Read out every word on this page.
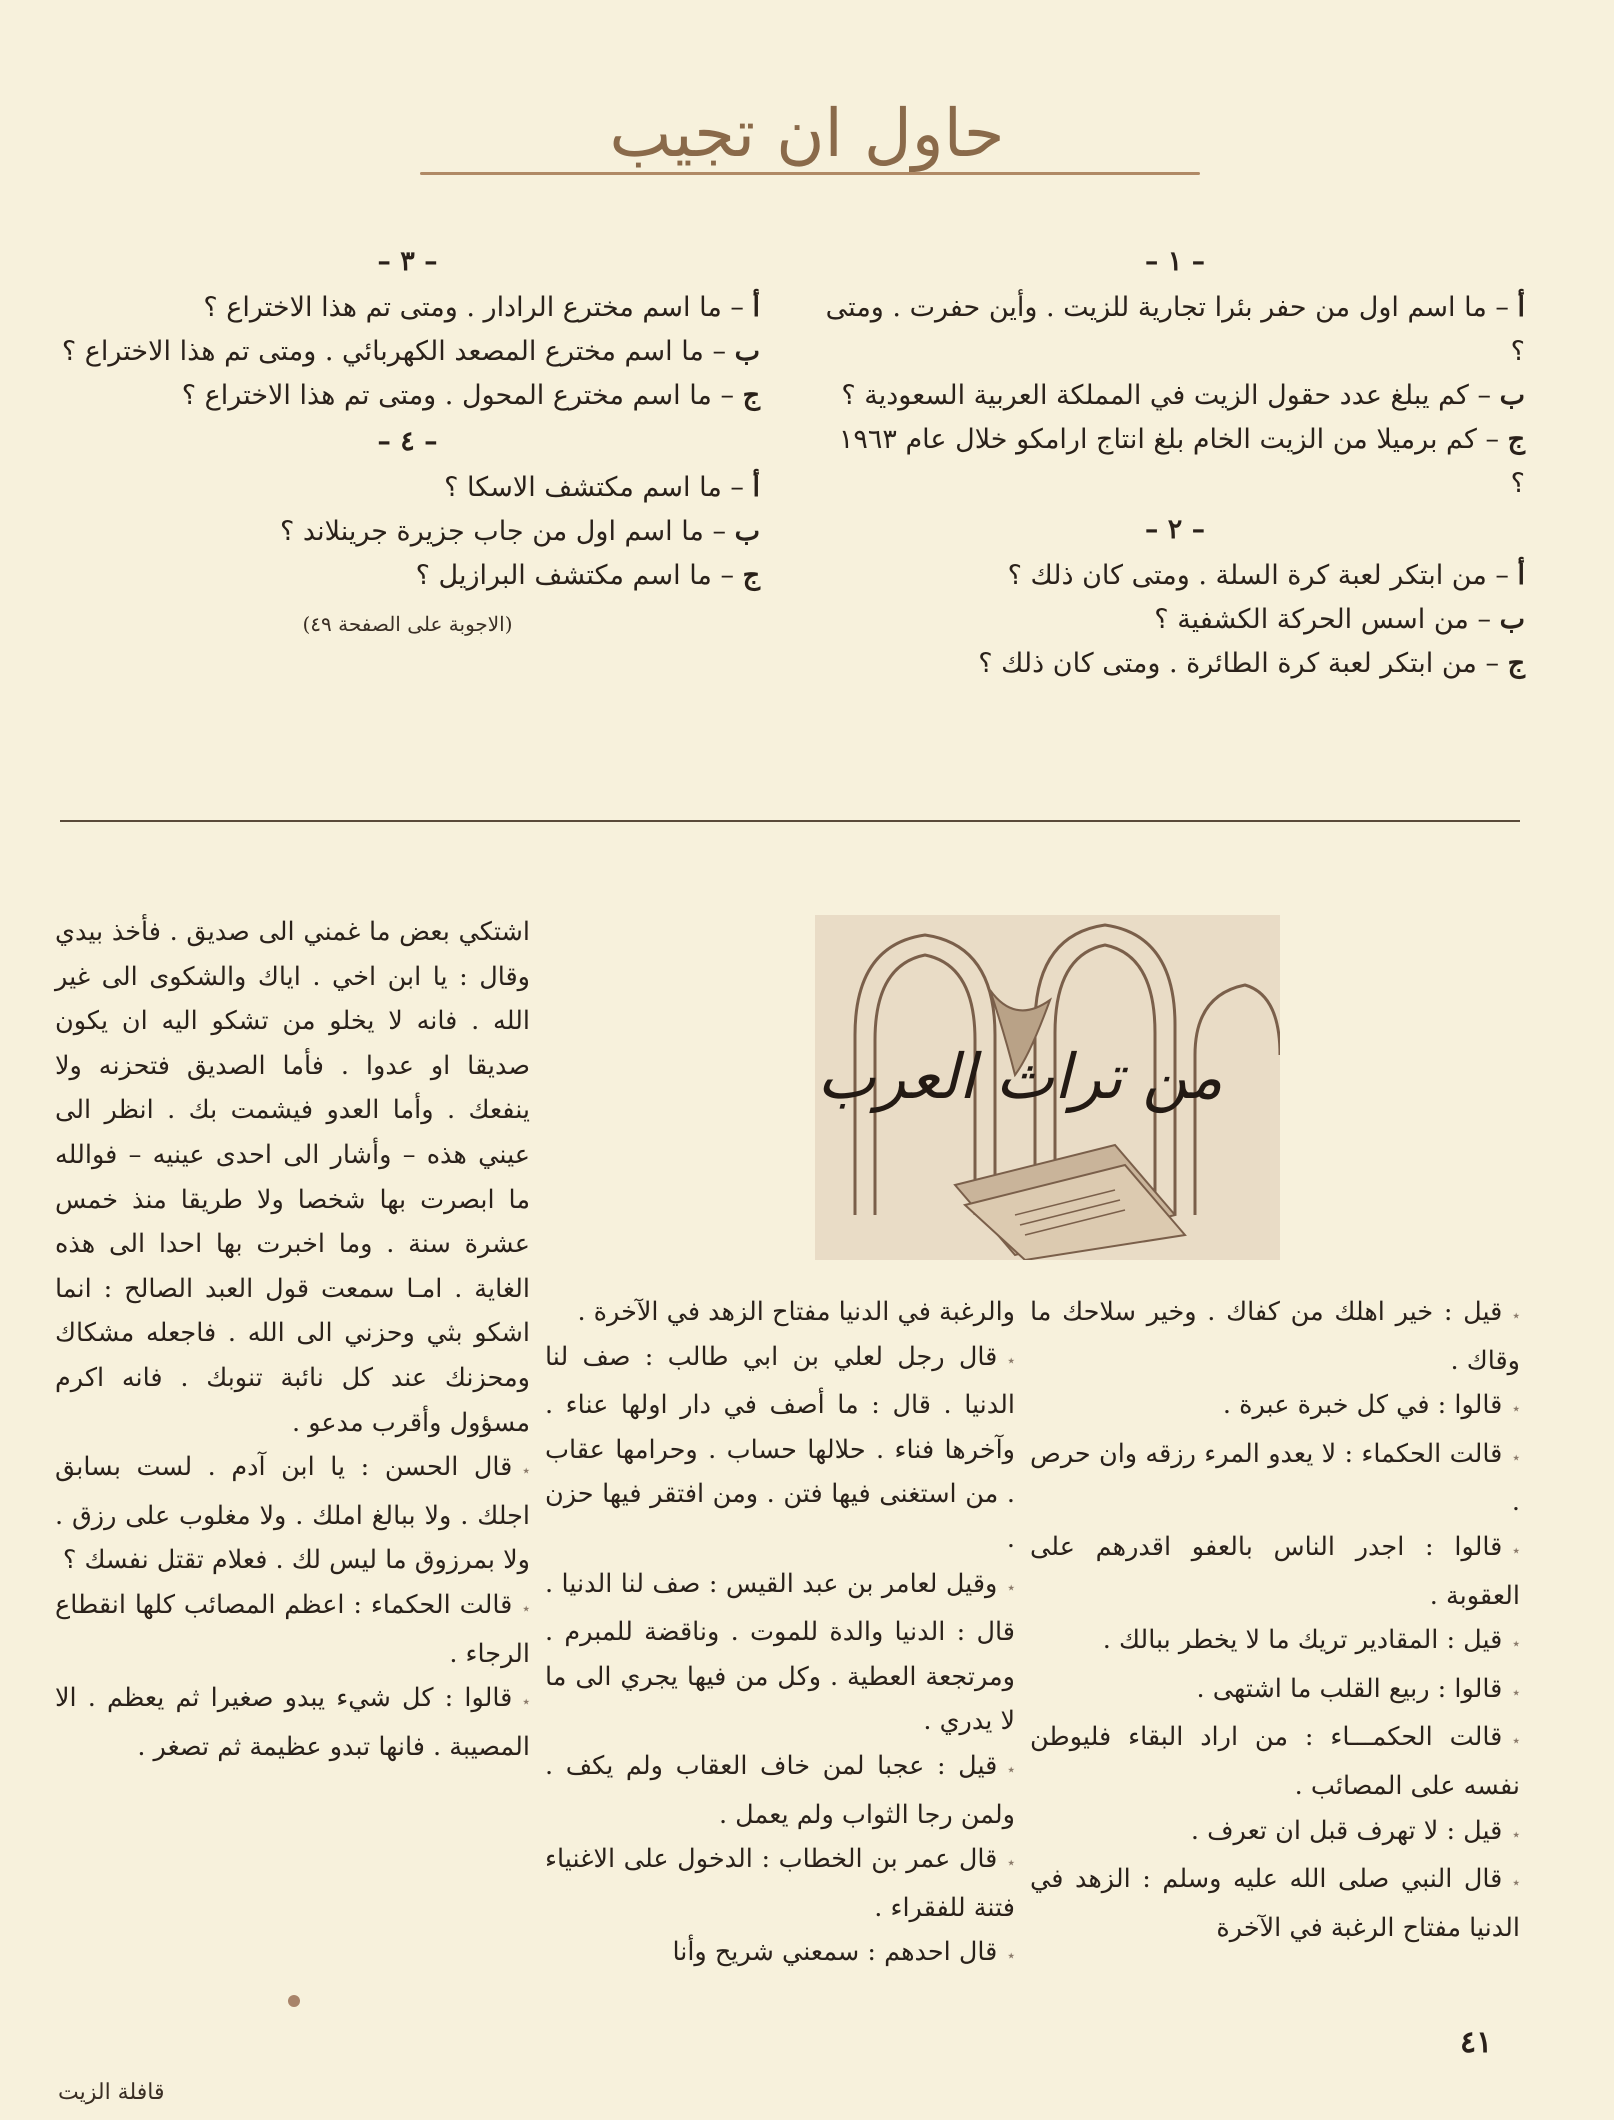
حاول ان تجيب
– ١ –

أ – ما اسم اول من حفر بئرا تجارية للزيت . وأين حفرت . ومتى ؟

ب – كم يبلغ عدد حقول الزيت في المملكة العربية السعودية ؟

ج – كم برميلا من الزيت الخام بلغ انتاج ارامكو خلال عام ١٩٦٣ ؟

– ٢ –

أ – من ابتكر لعبة كرة السلة . ومتى كان ذلك ؟

ب – من اسس الحركة الكشفية ؟

ج – من ابتكر لعبة كرة الطائرة . ومتى كان ذلك ؟

– ٣ –

أ – ما اسم مخترع الرادار . ومتى تم هذا الاختراع ؟

ب – ما اسم مخترع المصعد الكهربائي . ومتى تم هذا الاختراع ؟

ج – ما اسم مخترع المحول . ومتى تم هذا الاختراع ؟

– ٤ –

أ – ما اسم مكتشف الاسكا ؟

ب – ما اسم اول من جاب جزيرة جرينلاند ؟

ج – ما اسم مكتشف البرازيل ؟

(الاجوبة على الصفحة ٤٩)
من تراث العرب

٭قيل : خير اهلك من كفاك . وخير سلاحك ما وقاك .

٭قالوا : في كل خبرة عبرة .

٭قالت الحكماء : لا يعدو المرء رزقه وان حرص .

٭قالوا : اجدر الناس بالعفو اقدرهم على العقوبة .

٭قيل : المقادير تريك ما لا يخطر ببالك .

٭قالوا : ربيع القلب ما اشتهى .

٭قالت الحكمـــاء : من اراد البقاء فليوطن نفسه على المصائب .

٭قيل : لا تهرف قبل ان تعرف .

٭قال النبي صلى الله عليه وسلم : الزهد في الدنيا مفتاح الرغبة في الآخرة

والرغبة في الدنيا مفتاح الزهد في الآخرة .

٭قال رجل لعلي بن ابي طالب : صف لنا الدنيا . قال : ما أصف في دار اولها عناء . وآخرها فناء . حلالها حساب . وحرامها عقاب . من استغنى فيها فتن . ومن افتقر فيها حزن .

٭وقيل لعامر بن عبد القيس : صف لنا الدنيا . قال : الدنيا والدة للموت . وناقضة للمبرم . ومرتجعة العطية . وكل من فيها يجري الى ما لا يدري .

٭قيل : عجبا لمن خاف العقاب ولم يكف . ولمن رجا الثواب ولم يعمل .

٭قال عمر بن الخطاب : الدخول على الاغنياء فتنة للفقراء .

٭قال احدهم : سمعني شريح وأنا

اشتكي بعض ما غمني الى صديق . فأخذ بيدي وقال : يا ابن اخي . اياك والشكوى الى غير الله . فانه لا يخلو من تشكو اليه ان يكون صديقا او عدوا . فأما الصديق فتحزنه ولا ينفعك . وأما العدو فيشمت بك . انظر الى عيني هذه – وأشار الى احدى عينيه – فوالله ما ابصرت بها شخصا ولا طريقا منذ خمس عشرة سنة . وما اخبرت بها احدا الى هذه الغاية . امـا سمعت قول العبد الصالح : انما اشكو بثي وحزني الى الله . فاجعله مشكاك ومحزنك عند كل نائبة تنوبك . فانه اكرم مسؤول وأقرب مدعو .

٭قال الحسن : يا ابن آدم . لست بسابق اجلك . ولا ببالغ املك . ولا مغلوب على رزق . ولا بمرزوق ما ليس لك . فعلام تقتل نفسك ؟

٭قالت الحكماء : اعظم المصائب كلها انقطاع الرجاء .

٭قالوا : كل شيء يبدو صغيرا ثم يعظم . الا المصيبة . فانها تبدو عظيمة ثم تصغر .

٤١
قافلة الزيت
